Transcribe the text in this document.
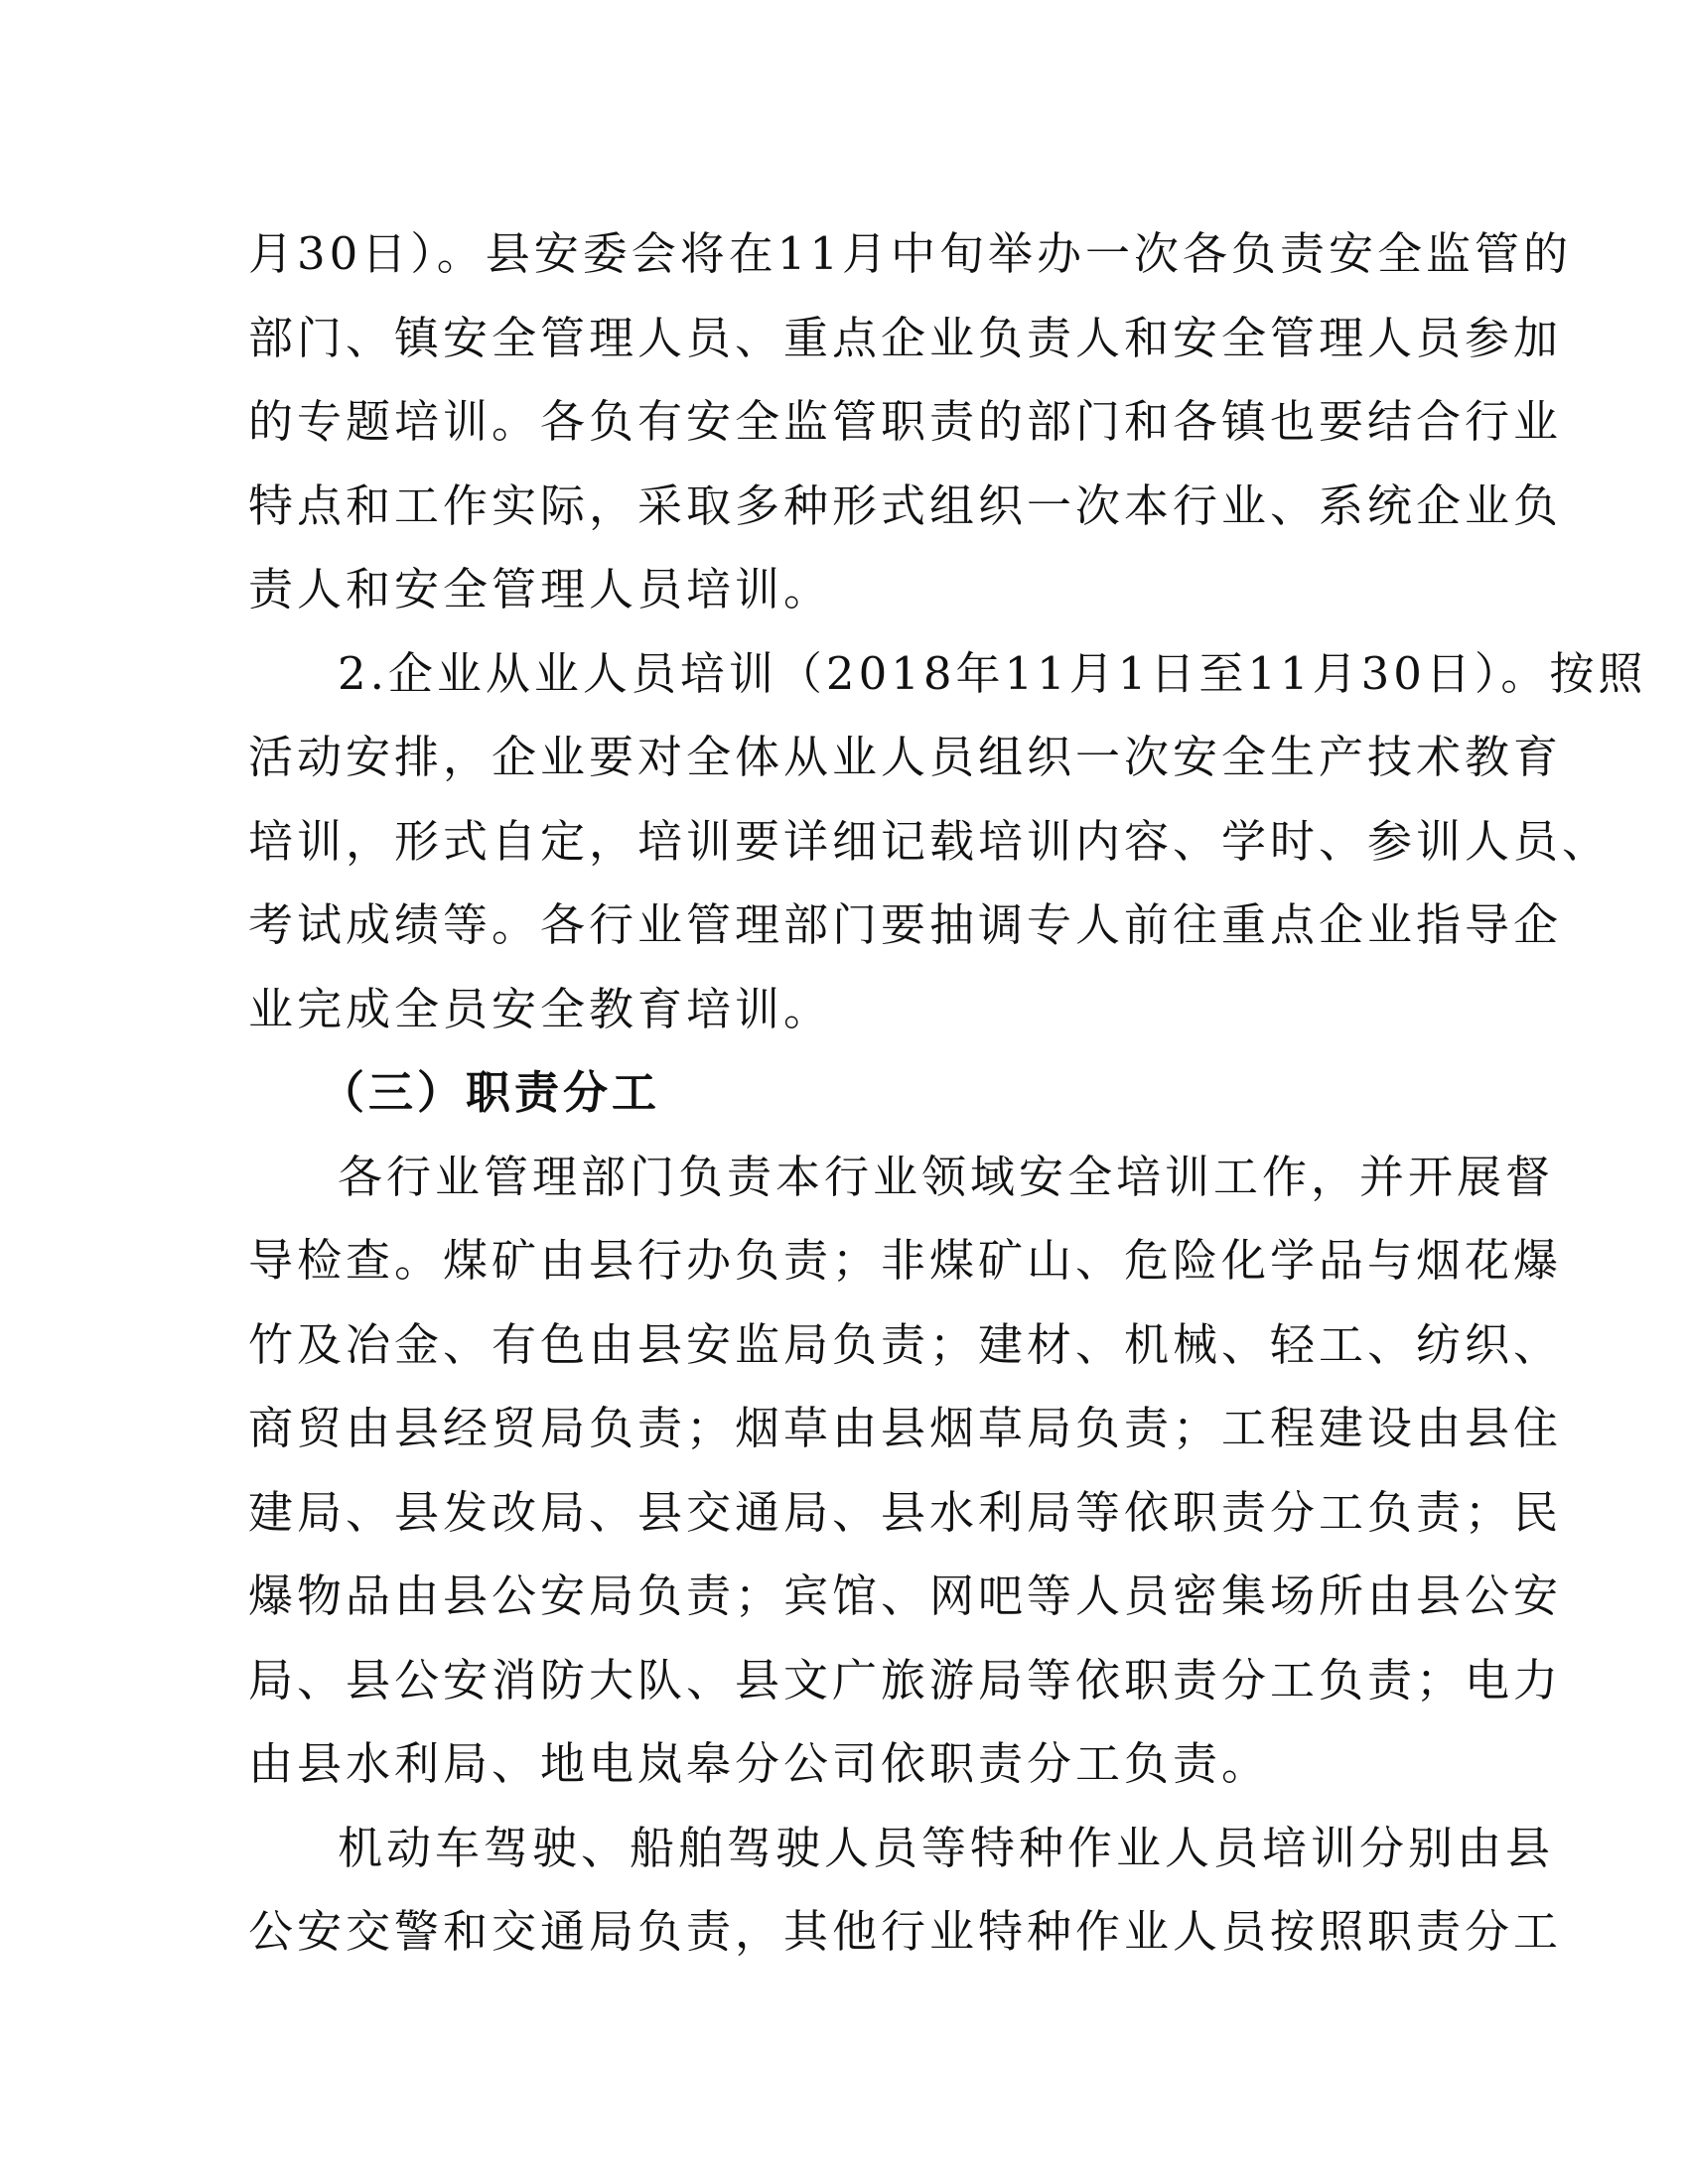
月30日）。县安委会将在11月中旬举办一次各负责安全监管的
部门、镇安全管理人员、重点企业负责人和安全管理人员参加
的专题培训。各负有安全监管职责的部门和各镇也要结合行业
特点和工作实际，采取多种形式组织一次本行业、系统企业负
责人和安全管理人员培训。
2.企业从业人员培训（2018年11月1日至11月30日）。按照
活动安排，企业要对全体从业人员组织一次安全生产技术教育
培训，形式自定，培训要详细记载培训内容、学时、参训人员、
考试成绩等。各行业管理部门要抽调专人前往重点企业指导企
业完成全员安全教育培训。
（三）职责分工
各行业管理部门负责本行业领域安全培训工作，并开展督
导检查。煤矿由县行办负责；非煤矿山、危险化学品与烟花爆
竹及冶金、有色由县安监局负责；建材、机械、轻工、纺织、
商贸由县经贸局负责；烟草由县烟草局负责；工程建设由县住
建局、县发改局、县交通局、县水利局等依职责分工负责；民
爆物品由县公安局负责；宾馆、网吧等人员密集场所由县公安
局、县公安消防大队、县文广旅游局等依职责分工负责；电力
由县水利局、地电岚皋分公司依职责分工负责。
机动车驾驶、船舶驾驶人员等特种作业人员培训分别由县
公安交警和交通局负责，其他行业特种作业人员按照职责分工
